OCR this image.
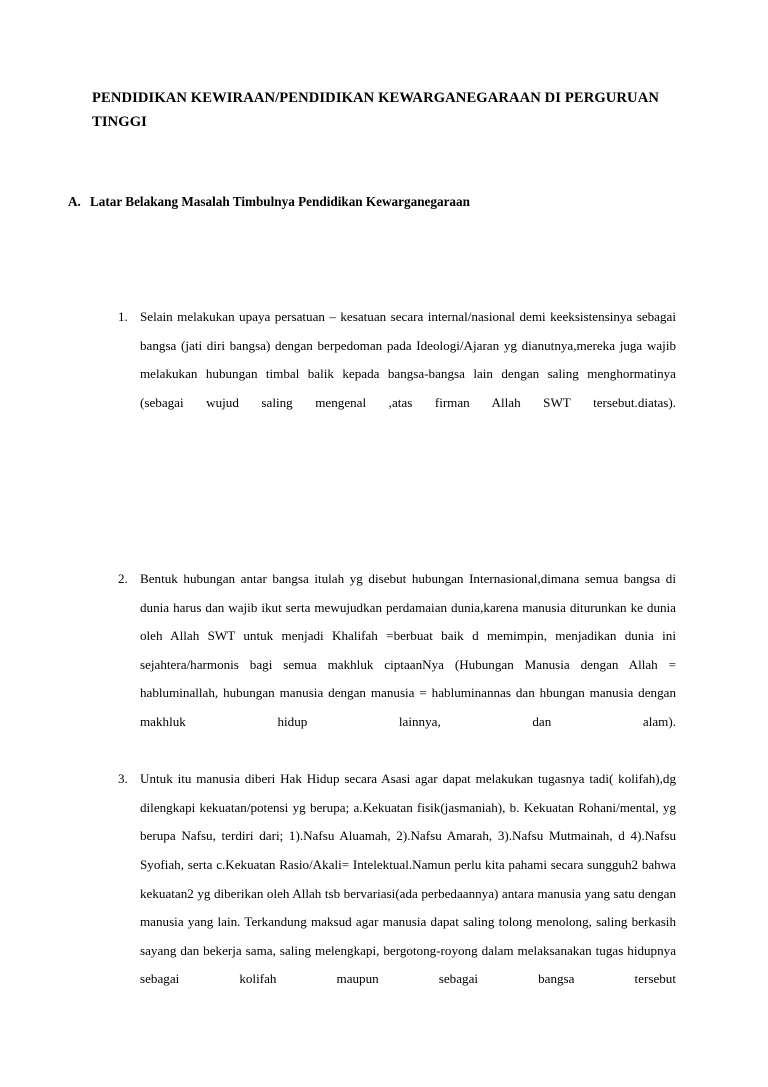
PENDIDIKAN KEWIRAAN/PENDIDIKAN KEWARGANEGARAAN DI PERGURUAN TINGGI
A. Latar Belakang Masalah Timbulnya Pendidikan Kewarganegaraan
1. Selain melakukan upaya persatuan – kesatuan secara internal/nasional demi keeksistensinya sebagai bangsa (jati diri bangsa) dengan berpedoman pada Ideologi/Ajaran yg dianutnya,mereka juga wajib melakukan hubungan timbal balik kepada bangsa-bangsa lain dengan saling menghormatinya (sebagai wujud saling mengenal ,atas firman Allah SWT tersebut.diatas).
2. Bentuk hubungan antar bangsa itulah yg disebut hubungan Internasional,dimana semua bangsa di dunia harus dan wajib ikut serta mewujudkan perdamaian dunia,karena manusia diturunkan ke dunia oleh Allah SWT untuk menjadi Khalifah =berbuat baik d memimpin, menjadikan dunia ini sejahtera/harmonis bagi semua makhluk ciptaanNya (Hubungan Manusia dengan Allah = habluminallah, hubungan manusia dengan manusia = habluminannas dan hbungan manusia dengan makhluk hidup lainnya, dan alam).
3. Untuk itu manusia diberi Hak Hidup secara Asasi agar dapat melakukan tugasnya tadi( kolifah),dg dilengkapi kekuatan/potensi yg berupa; a.Kekuatan fisik(jasmaniah), b. Kekuatan Rohani/mental, yg berupa Nafsu, terdiri dari; 1).Nafsu Aluamah, 2).Nafsu Amarah, 3).Nafsu Mutmainah, d 4).Nafsu Syofiah, serta c.Kekuatan Rasio/Akali= Intelektual.Namun perlu kita pahami secara sungguh2 bahwa kekuatan2 yg diberikan oleh Allah tsb bervariasi(ada perbedaannya) antara manusia yang satu dengan manusia yang lain. Terkandung maksud agar manusia dapat saling tolong menolong, saling berkasih sayang dan bekerja sama, saling melengkapi, bergotong-royong dalam melaksanakan tugas hidupnya sebagai kolifah maupun sebagai bangsa tersebut
